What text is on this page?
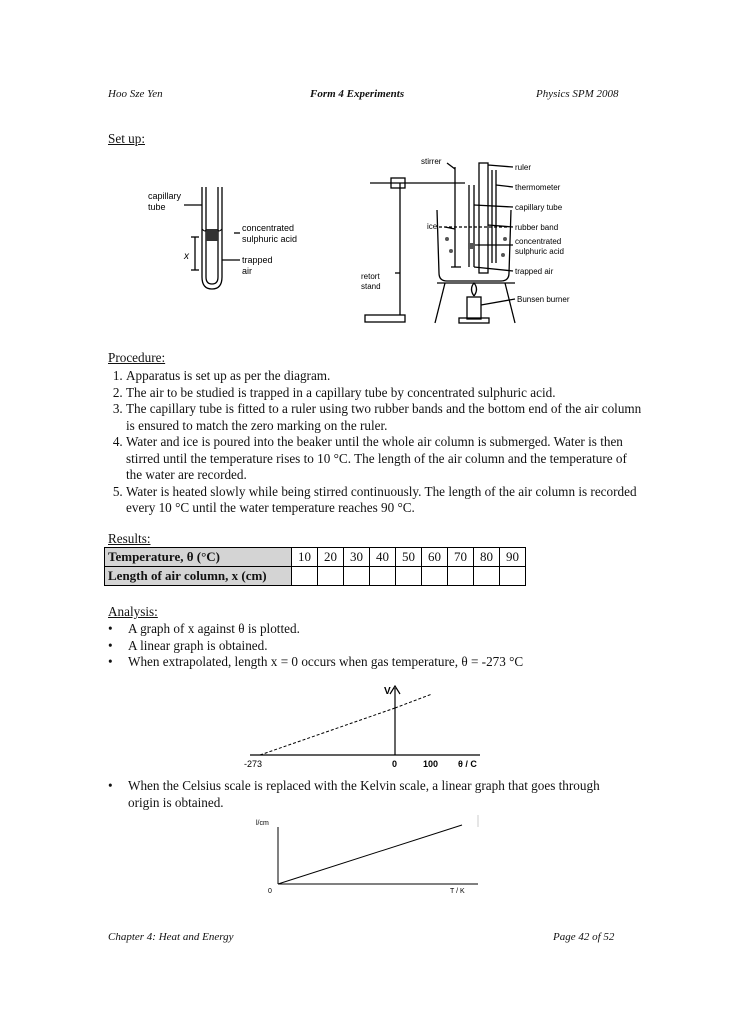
Hoo Sze Yen	Form 4 Experiments	Physics SPM 2008
Set up:
capillary
tube
concentrated
sulphuric acid
x	trapped
air
stirrer
ruler
thermometer
capillary tube
ice	rubber band
concentrated
sulphuric acid
trapped air
retort
stand
Bunsen burner
Procedure:
1. Apparatus is set up as per the diagram.
2. The air to be studied is trapped in a capillary tube by concentrated sulphuric acid.
3. The capillary tube is fitted to a ruler using two rubber bands and the bottom end of the air column is ensured to match the zero marking on the ruler.
4. Water and ice is poured into the beaker until the whole air column is submerged. Water is then stirred until the temperature rises to 10 °C. The length of the air column and the temperature of the water are recorded.
5. Water is heated slowly while being stirred continuously. The length of the air column is recorded every 10 °C until the water temperature reaches 90 °C.
Results:
Temperature, θ (°C)	10	20	30	40	50	60	70	80	90
Length of air column, x (cm)									
Analysis:
• A graph of x against θ is plotted.
• A linear graph is obtained.
• When extrapolated, length x = 0 occurs when gas temperature, θ = -273 °C
V
-273	0	100 θ / C
• When the Celsius scale is replaced with the Kelvin scale, a linear graph that goes through origin is obtained.
l/cm
0	T / K
Chapter 4: Heat and Energy	Page 42 of 52
